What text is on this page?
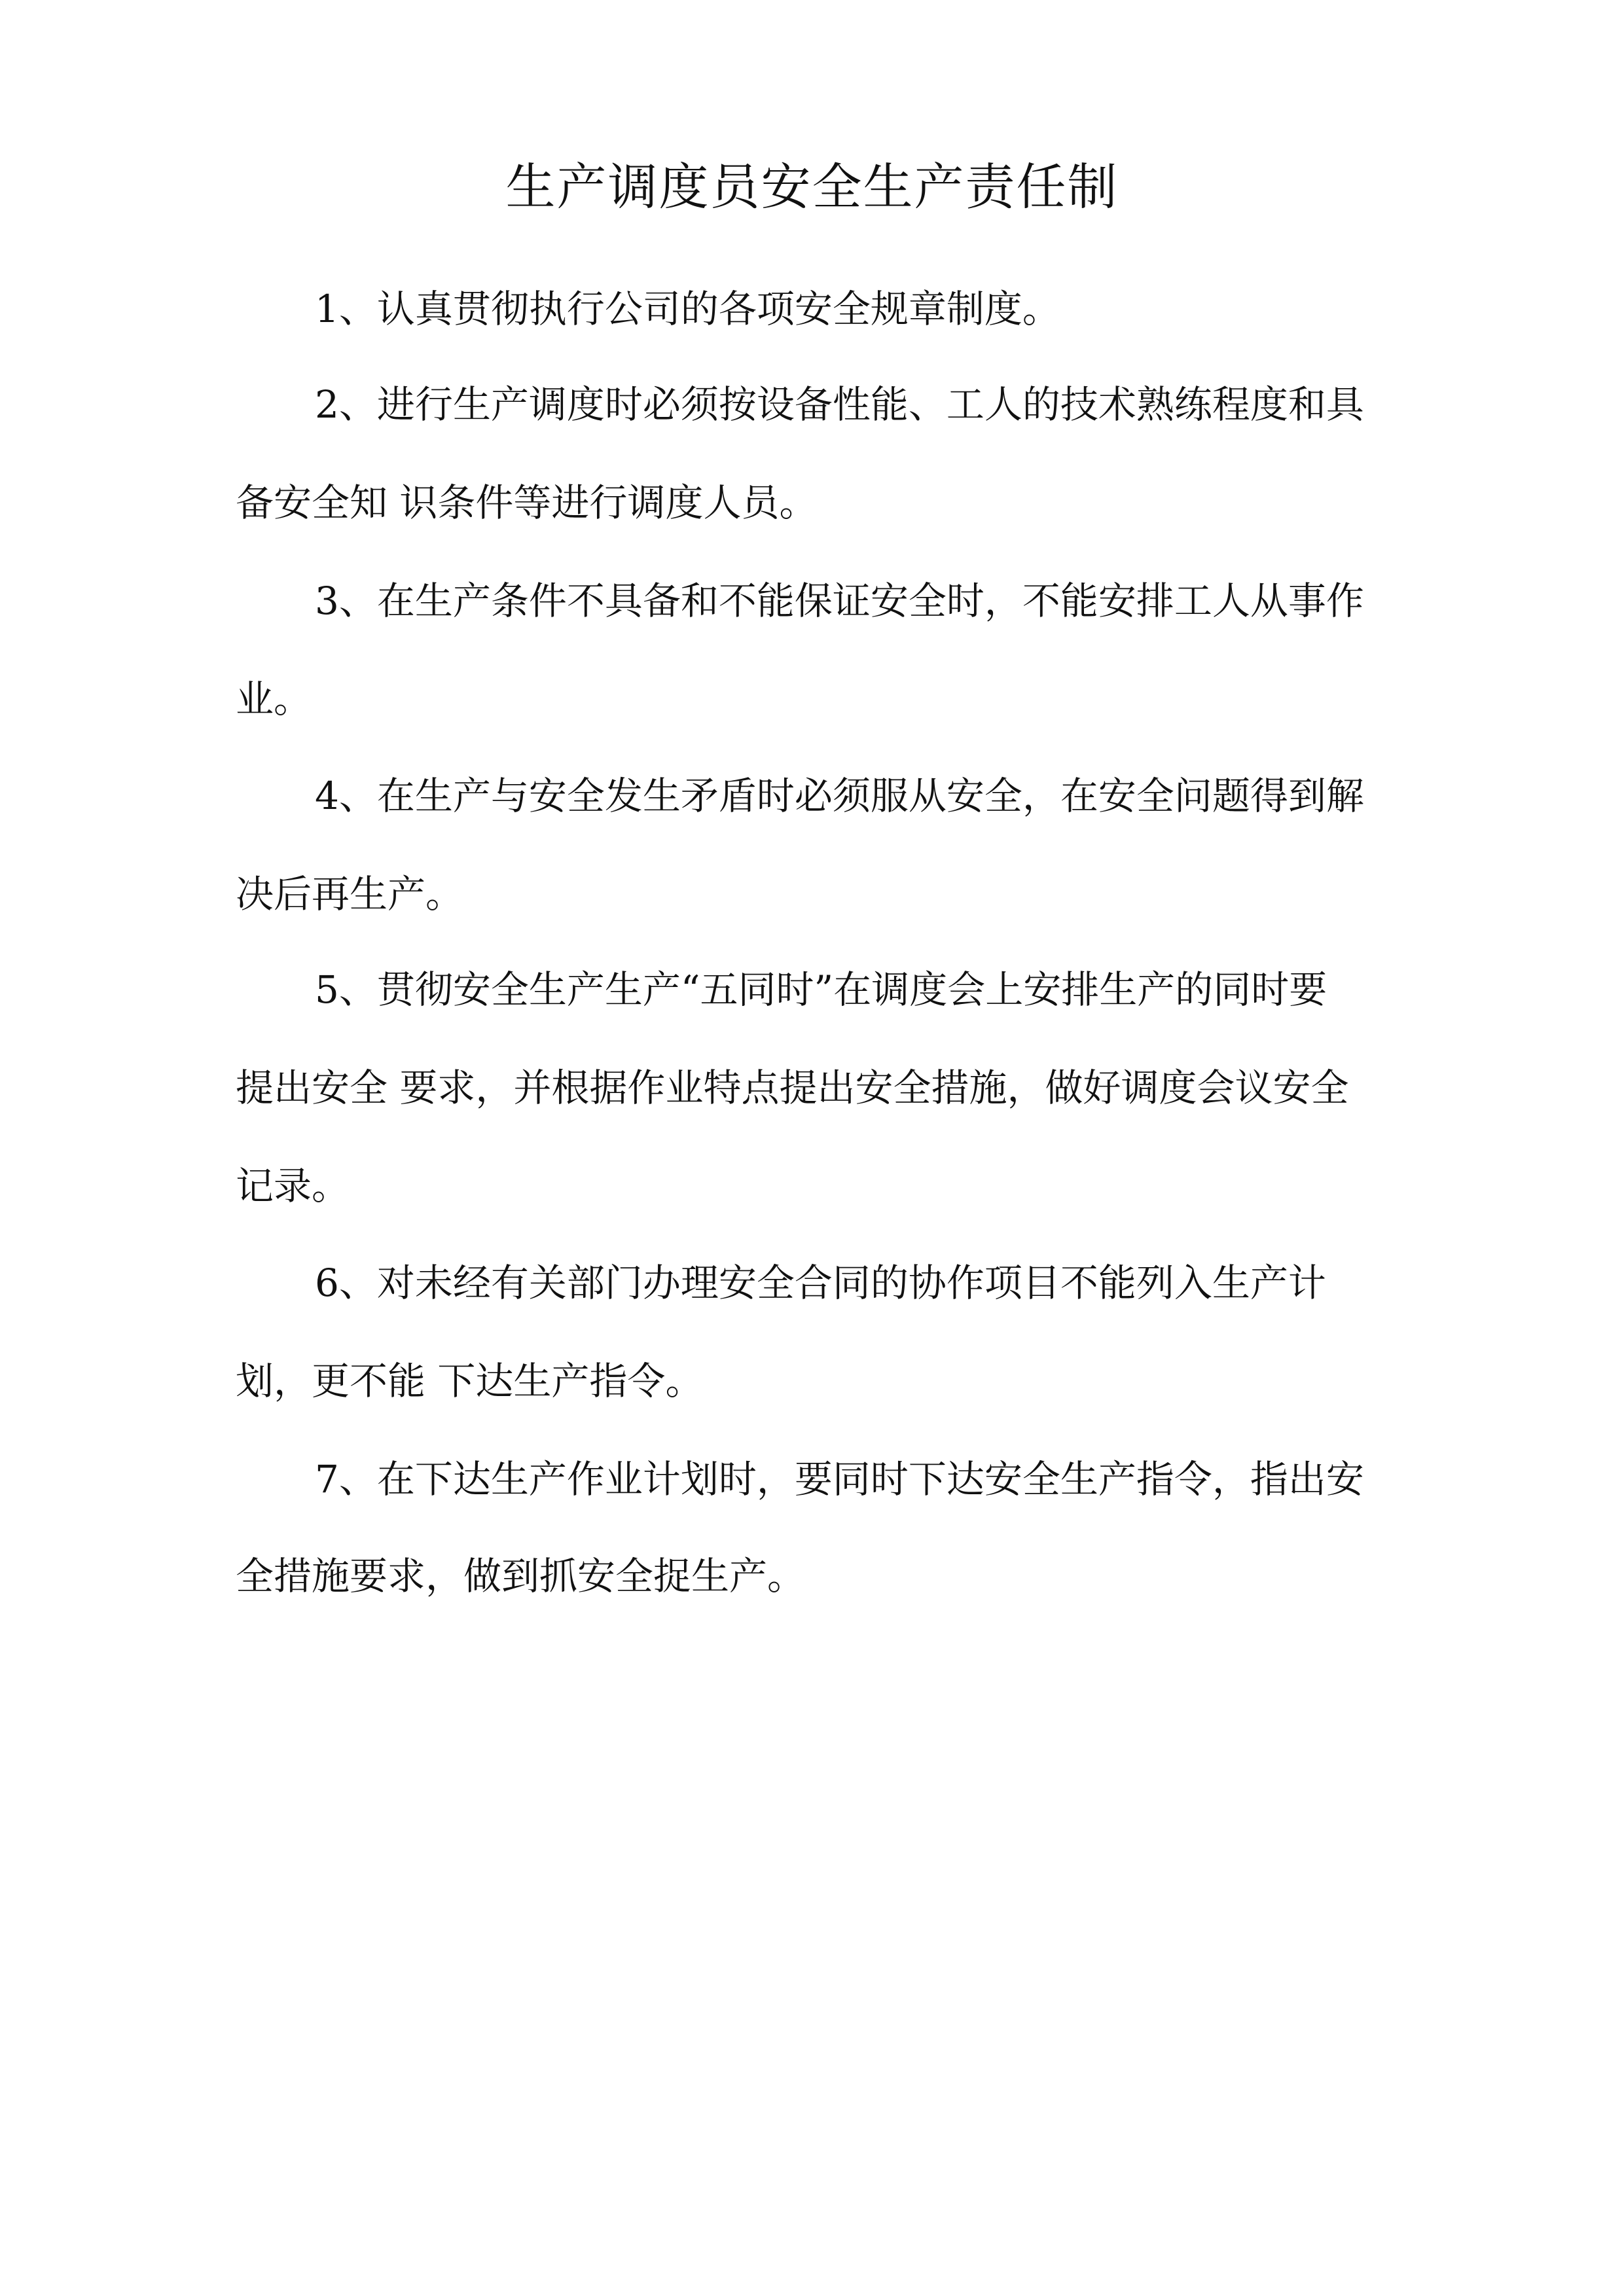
生产调度员安全生产责任制

1、认真贯彻执行公司的各项安全规章制度。

2、进行生产调度时必须按设备性能、工人的技术熟练程度和具

备安全知 识条件等进行调度人员。

3、在生产条件不具备和不能保证安全时，不能安排工人从事作

业。

4、在生产与安全发生矛盾时必须服从安全，在安全问题得到解

决后再生产。

5、贯彻安全生产生产“五同时”在调度会上安排生产的同时要

提出安全 要求，并根据作业特点提出安全措施，做好调度会议安全

记录。

6、对未经有关部门办理安全合同的协作项目不能列入生产计

划，更不能 下达生产指令。

7、在下达生产作业计划时，要同时下达安全生产指令，指出安

全措施要求，做到抓安全捉生产。
